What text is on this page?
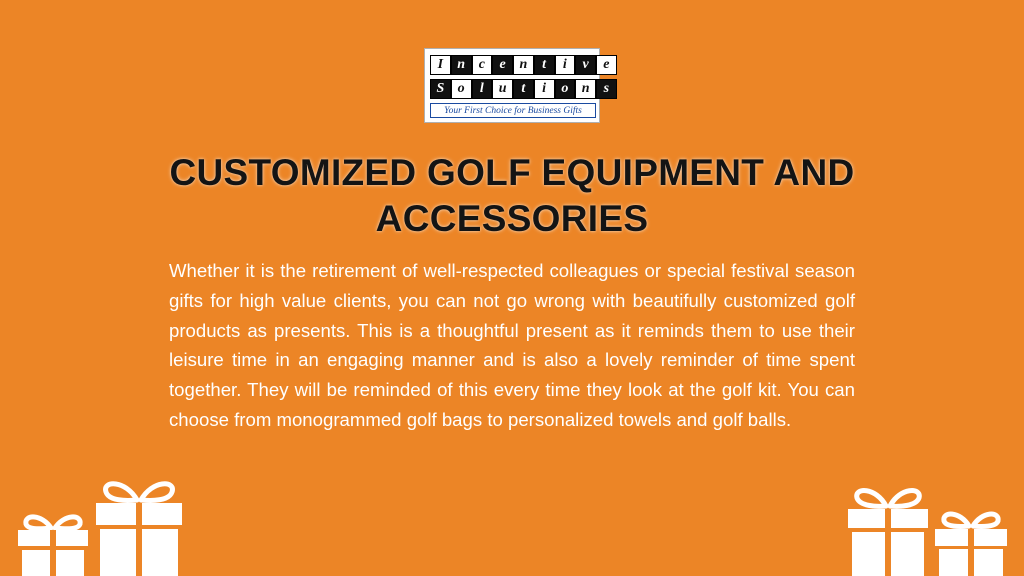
I	n c	e n	t	i	v	e
S o	l	u	t	i	o n	s
Your First Choice for Business Gifts
CUSTOMIZED GOLF EQUIPMENT AND ACCESSORIES

Whether it is the retirement of well-respected colleagues or special festival season gifts for high value clients, you can not go wrong with beautifully customized golf products as presents. This is a thoughtful present as it reminds them to use their leisure time in an engaging manner and is also a lovely reminder of time spent together. They will be reminded of this every time they look at the golf kit. You can choose from monogrammed golf bags to personalized towels and golf balls.
